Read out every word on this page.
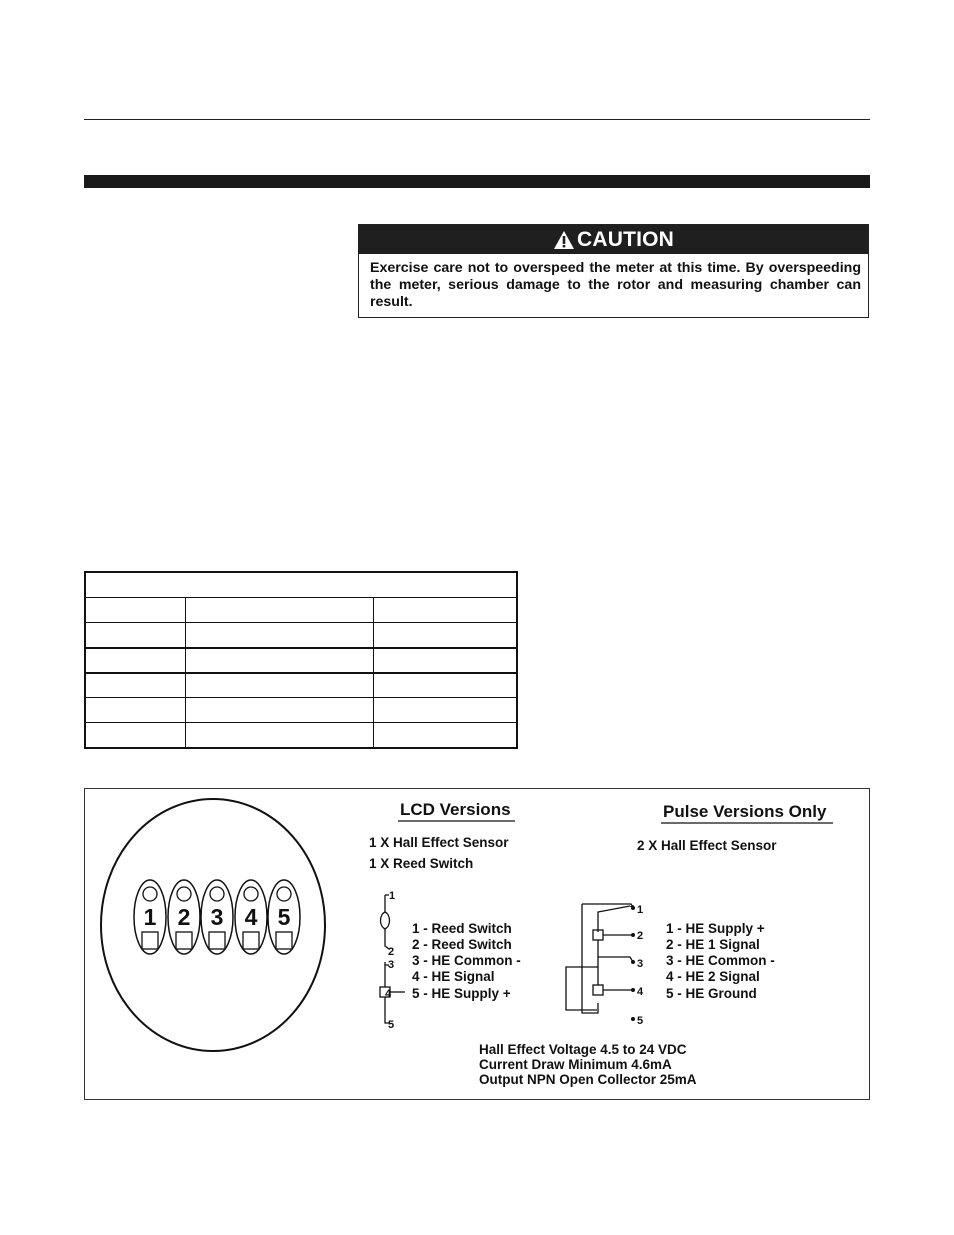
CAUTION
Exercise care not to overspeed the meter at this time. By overspeeding the meter, serious damage to the rotor and measuring chamber can result.
1 2 3 4 5
LCD Versions
1 X Hall Effect Sensor
1 X Reed Switch
1
2
3
4
5
1 - Reed Switch
2 - Reed Switch
3 - HE Common -
4 - HE Signal
5 - HE Supply +
Pulse Versions Only
2 X Hall Effect Sensor
1
2
3
4
5
1 - HE Supply +
2 - HE 1 Signal
3 - HE Common -
4 - HE 2 Signal
5 - HE Ground
Hall Effect Voltage 4.5 to 24 VDC
Current Draw Minimum 4.6mA
Output NPN Open Collector 25mA
